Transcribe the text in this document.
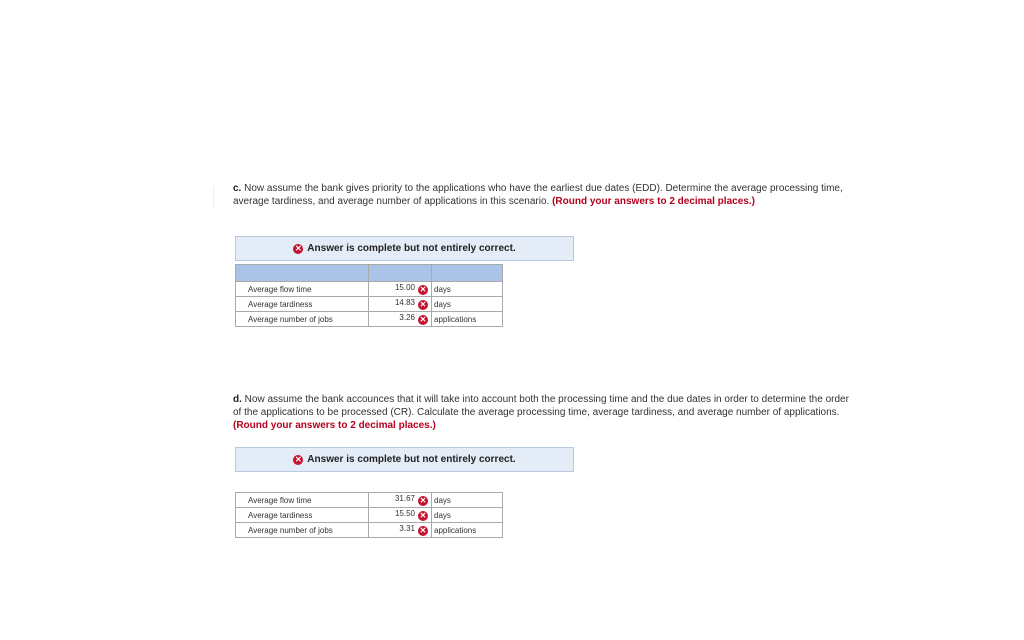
c. Now assume the bank gives priority to the applications who have the earliest due dates (EDD). Determine the average processing time, average tardiness, and average number of applications in this scenario. (Round your answers to 2 decimal places.)
✕ Answer is complete but not entirely correct.

Average flow time	15.00 ✕	days
Average tardiness	14.83 ✕	days
Average number of jobs	3.26 ✕	applications
d. Now assume the bank accounces that it will take into account both the processing time and the due dates in order to determine the order of the applications to be processed (CR). Calculate the average processing time, average tardiness, and average number of applications. (Round your answers to 2 decimal places.)
✕ Answer is complete but not entirely correct.

Average flow time	31.67 ✕	days
Average tardiness	15.50 ✕	days
Average number of jobs	3.31 ✕	applications
